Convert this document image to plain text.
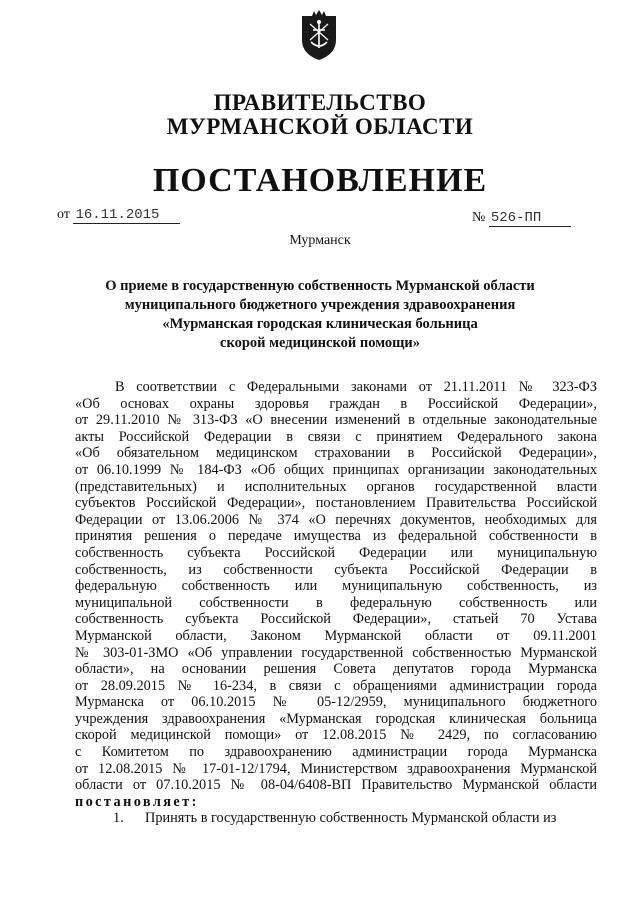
ПРАВИТЕЛЬСТВО
МУРМАНСКОЙ ОБЛАСТИ
ПОСТАНОВЛЕНИЕ
от 16.11.2015	№ 526-ПП
Мурманск
О приеме в государственную собственность Мурманской области
муниципального бюджетного учреждения здравоохранения
«Мурманская городская клиническая больница
скорой медицинской помощи»
В соответствии с Федеральными законами от 21.11.2011 № 323-ФЗ
«Об основах охраны здоровья граждан в Российской Федерации»,
от 29.11.2010 № 313-ФЗ «О внесении изменений в отдельные законодательные
акты Российской Федерации в связи с принятием Федерального закона
«Об обязательном медицинском страховании в Российской Федерации»,
от 06.10.1999 № 184-ФЗ «Об общих принципах организации законодательных
(представительных) и исполнительных органов государственной власти
субъектов Российской Федерации», постановлением Правительства Российской
Федерации от 13.06.2006 № 374 «О перечнях документов, необходимых для
принятия решения о передаче имущества из федеральной собственности в
собственность субъекта Российской Федерации или муниципальную
собственность, из собственности субъекта Российской Федерации в
федеральную собственность или муниципальную собственность, из
муниципальной собственности в федеральную собственность или
собственность субъекта Российской Федерации», статьей 70 Устава
Мурманской области, Законом Мурманской области от 09.11.2001
№ 303-01-ЗМО «Об управлении государственной собственностью Мурманской
области», на основании решения Совета депутатов города Мурманска
от 28.09.2015 № 16-234, в связи с обращениями администрации города
Мурманска от 06.10.2015 № 05-12/2959, муниципального бюджетного
учреждения здравоохранения «Мурманская городская клиническая больница
скорой медицинской помощи» от 12.08.2015 № 2429, по согласованию
с Комитетом по здравоохранению администрации города Мурманска
от 12.08.2015 № 17-01-12/1794, Министерством здравоохранения Мурманской
области от 07.10.2015 № 08-04/6408-ВП Правительство Мурманской области
постановляет:
1. Принять в государственную собственность Мурманской области из
